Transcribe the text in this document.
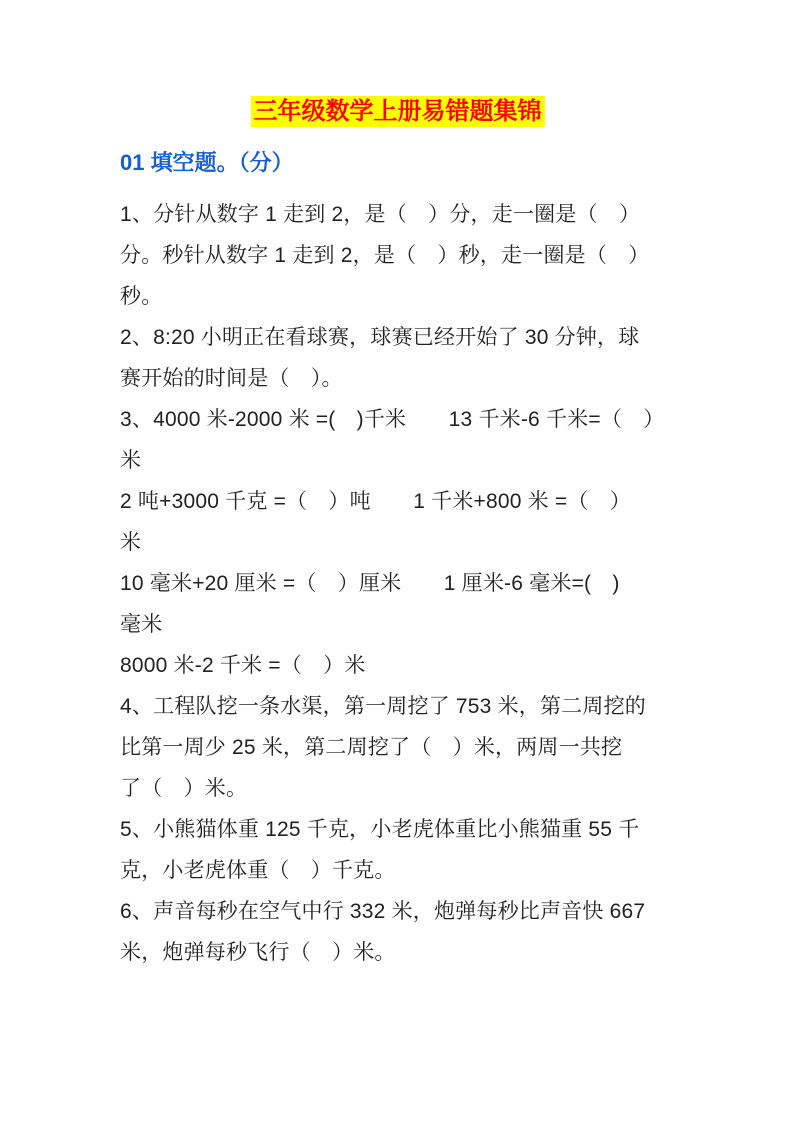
三年级数学上册易错题集锦
01 填空题。（分）
1、分针从数字 1 走到 2，是（　）分，走一圈是（　）
分。秒针从数字 1 走到 2，是（　）秒，走一圈是（　）
秒。
2、8:20 小明正在看球赛，球赛已经开始了 30 分钟，球
赛开始的时间是（　）。
3、4000 米-2000 米 =(　)千米　　13 千米-6 千米=（　）
米
2 吨+3000 千克 =（　）吨　　1 千米+800 米 =（　）
米
10 毫米+20 厘米 =（　）厘米　　1 厘米-6 毫米=(　)
毫米
8000 米-2 千米 =（　）米
4、工程队挖一条水渠，第一周挖了 753 米，第二周挖的
比第一周少 25 米，第二周挖了（　）米，两周一共挖
了（　）米。
5、小熊猫体重 125 千克，小老虎体重比小熊猫重 55 千
克，小老虎体重（　）千克。
6、声音每秒在空气中行 332 米，炮弹每秒比声音快 667
米，炮弹每秒飞行（　）米。
